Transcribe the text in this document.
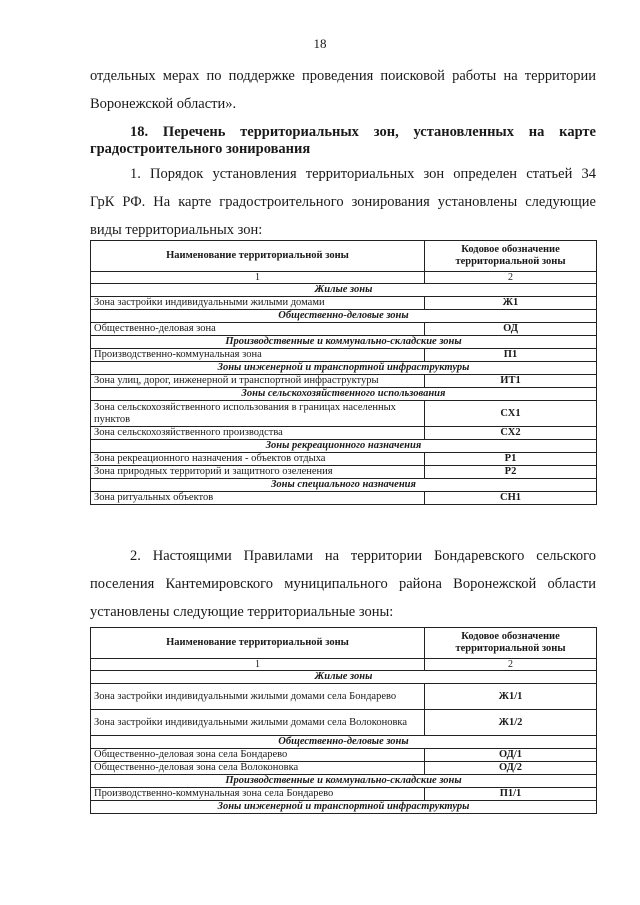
18
отдельных мерах по поддержке проведения поисковой работы на территории
Воронежской области».
18. Перечень территориальных зон, установленных на карте
градостроительного зонирования
1. Порядок установления территориальных зон определен статьей 34
ГрК РФ. На карте градостроительного зонирования установлены следующие
виды территориальных зон:
Наименование территориальной зоны	Кодовое обозначение территориальной зоны
1	2
Жилые зоны	
Зона застройки индивидуальными жилыми домами	Ж1
Общественно-деловые зоны	
Общественно-деловая зона	ОД
Производственные и коммунально-складские зоны	
Производственно-коммунальная зона	П1
Зоны инженерной и транспортной инфраструктуры	
Зона улиц, дорог, инженерной и транспортной инфраструктуры	ИТ1
Зоны сельскохозяйственного использования	
Зона сельскохозяйственного использования в границах населенных пунктов	СХ1
Зона сельскохозяйственного производства	СХ2
Зоны рекреационного назначения	
Зона рекреационного назначения - объектов отдыха	Р1
Зона природных территорий и защитного озеленения	Р2
Зоны специального назначения	
Зона ритуальных объектов	СН1
2. Настоящими Правилами на территории Бондаревского сельского
поселения Кантемировского муниципального района Воронежской области
установлены следующие территориальные зоны:
Наименование территориальной зоны	Кодовое обозначение территориальной зоны
1	2
Жилые зоны	
Зона застройки индивидуальными жилыми домами села Бондарево	Ж1/1
Зона застройки индивидуальными жилыми домами села Волоконовка	Ж1/2
Общественно-деловые зоны	
Общественно-деловая зона села Бондарево	ОД/1
Общественно-деловая зона села Волоконовка	ОД/2
Производственные и коммунально-складские зоны	
Производственно-коммунальная зона села Бондарево	П1/1
Зоны инженерной и транспортной инфраструктуры	
